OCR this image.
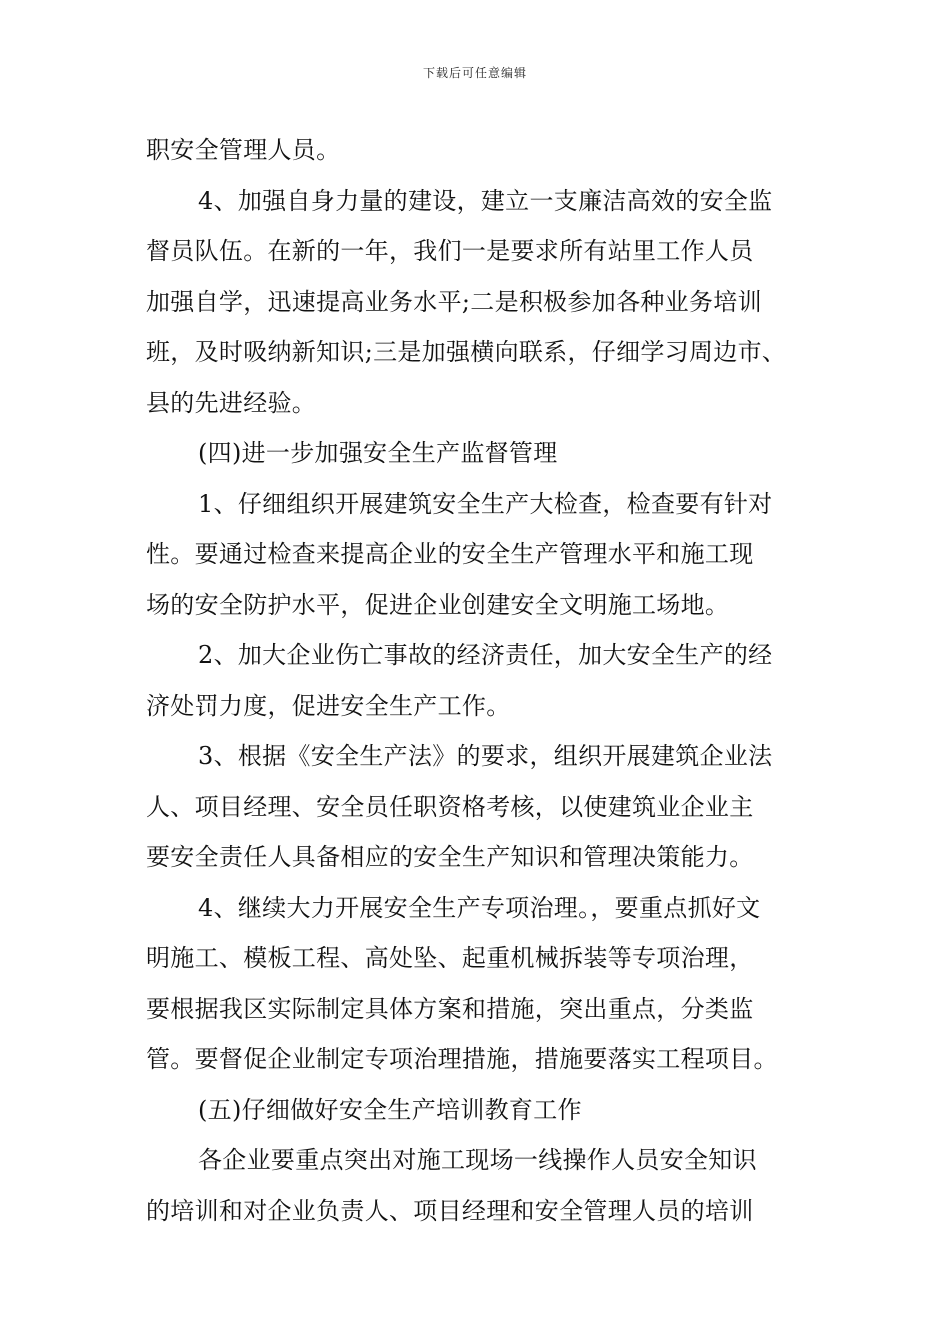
下载后可任意编辑
职安全管理人员。
4、加强自身力量的建设，建立一支廉洁高效的安全监
督员队伍。在新的一年，我们一是要求所有站里工作人员
加强自学，迅速提高业务水平;二是积极参加各种业务培训
班，及时吸纳新知识;三是加强横向联系，仔细学习周边市、
县的先进经验。
(四)进一步加强安全生产监督管理
1、仔细组织开展建筑安全生产大检查，检查要有针对
性。要通过检查来提高企业的安全生产管理水平和施工现
场的安全防护水平，促进企业创建安全文明施工场地。
2、加大企业伤亡事故的经济责任，加大安全生产的经
济处罚力度，促进安全生产工作。
3、根据《安全生产法》的要求，组织开展建筑企业法
人、项目经理、安全员任职资格考核，以使建筑业企业主
要安全责任人具备相应的安全生产知识和管理决策能力。
4、继续大力开展安全生产专项治理。，要重点抓好文
明施工、模板工程、高处坠、起重机械拆装等专项治理，
要根据我区实际制定具体方案和措施，突出重点，分类监
管。要督促企业制定专项治理措施，措施要落实工程项目。
(五)仔细做好安全生产培训教育工作
各企业要重点突出对施工现场一线操作人员安全知识
的培训和对企业负责人、项目经理和安全管理人员的培训
